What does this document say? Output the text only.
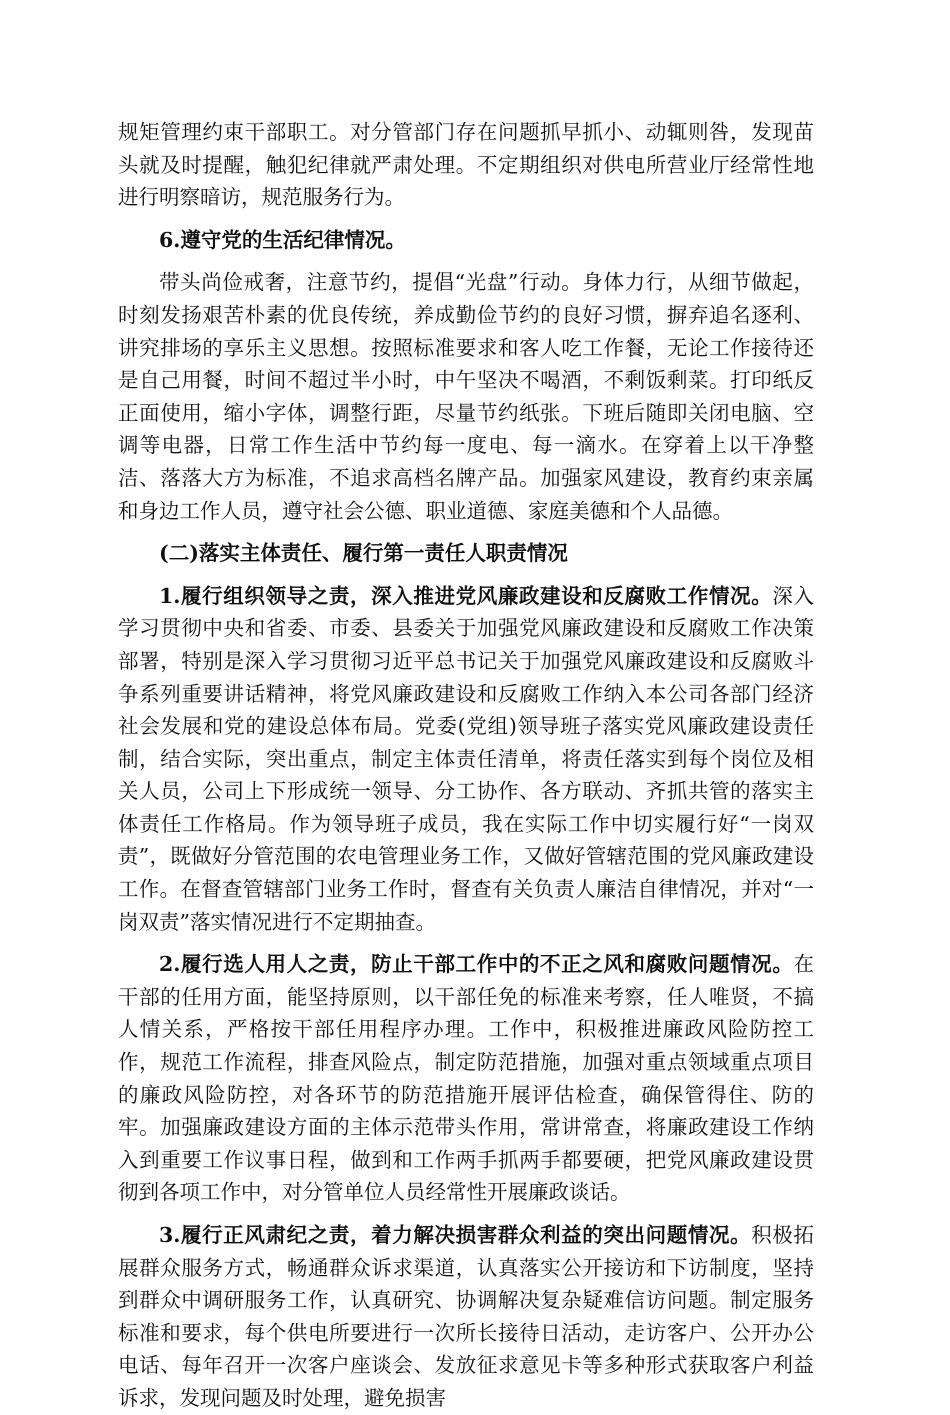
规矩管理约束干部职工。对分管部门存在问题抓早抓小、动辄则咎，发现苗头就及时提醒，触犯纪律就严肃处理。不定期组织对供电所营业厅经常性地进行明察暗访，规范服务行为。

6.遵守党的生活纪律情况。

带头尚俭戒奢，注意节约，提倡“光盘”行动。身体力行，从细节做起，时刻发扬艰苦朴素的优良传统，养成勤俭节约的良好习惯，摒弃追名逐利、讲究排场的享乐主义思想。按照标准要求和客人吃工作餐，无论工作接待还是自己用餐，时间不超过半小时，中午坚决不喝酒，不剩饭剩菜。打印纸反正面使用，缩小字体，调整行距，尽量节约纸张。下班后随即关闭电脑、空调等电器，日常工作生活中节约每一度电、每一滴水。在穿着上以干净整洁、落落大方为标准，不追求高档名牌产品。加强家风建设，教育约束亲属和身边工作人员，遵守社会公德、职业道德、家庭美德和个人品德。

(二)落实主体责任、履行第一责任人职责情况

1.履行组织领导之责，深入推进党风廉政建设和反腐败工作情况。深入学习贯彻中央和省委、市委、县委关于加强党风廉政建设和反腐败工作决策部署，特别是深入学习贯彻习近平总书记关于加强党风廉政建设和反腐败斗争系列重要讲话精神，将党风廉政建设和反腐败工作纳入本公司各部门经济社会发展和党的建设总体布局。党委(党组)领导班子落实党风廉政建设责任制，结合实际，突出重点，制定主体责任清单，将责任落实到每个岗位及相关人员，公司上下形成统一领导、分工协作、各方联动、齐抓共管的落实主体责任工作格局。作为领导班子成员，我在实际工作中切实履行好“一岗双责”，既做好分管范围的农电管理业务工作，又做好管辖范围的党风廉政建设工作。在督查管辖部门业务工作时，督查有关负责人廉洁自律情况，并对“一岗双责”落实情况进行不定期抽查。

2.履行选人用人之责，防止干部工作中的不正之风和腐败问题情况。在干部的任用方面，能坚持原则，以干部任免的标准来考察，任人唯贤，不搞人情关系，严格按干部任用程序办理。工作中，积极推进廉政风险防控工作，规范工作流程，排查风险点，制定防范措施，加强对重点领域重点项目的廉政风险防控，对各环节的防范措施开展评估检查，确保管得住、防的牢。加强廉政建设方面的主体示范带头作用，常讲常查，将廉政建设工作纳入到重要工作议事日程，做到和工作两手抓两手都要硬，把党风廉政建设贯彻到各项工作中，对分管单位人员经常性开展廉政谈话。

3.履行正风肃纪之责，着力解决损害群众利益的突出问题情况。积极拓展群众服务方式，畅通群众诉求渠道，认真落实公开接访和下访制度，坚持到群众中调研服务工作，认真研究、协调解决复杂疑难信访问题。制定服务标准和要求，每个供电所要进行一次所长接待日活动，走访客户、公开办公电话、每年召开一次客户座谈会、发放征求意见卡等多种形式获取客户利益诉求，发现问题及时处理，避免损害
